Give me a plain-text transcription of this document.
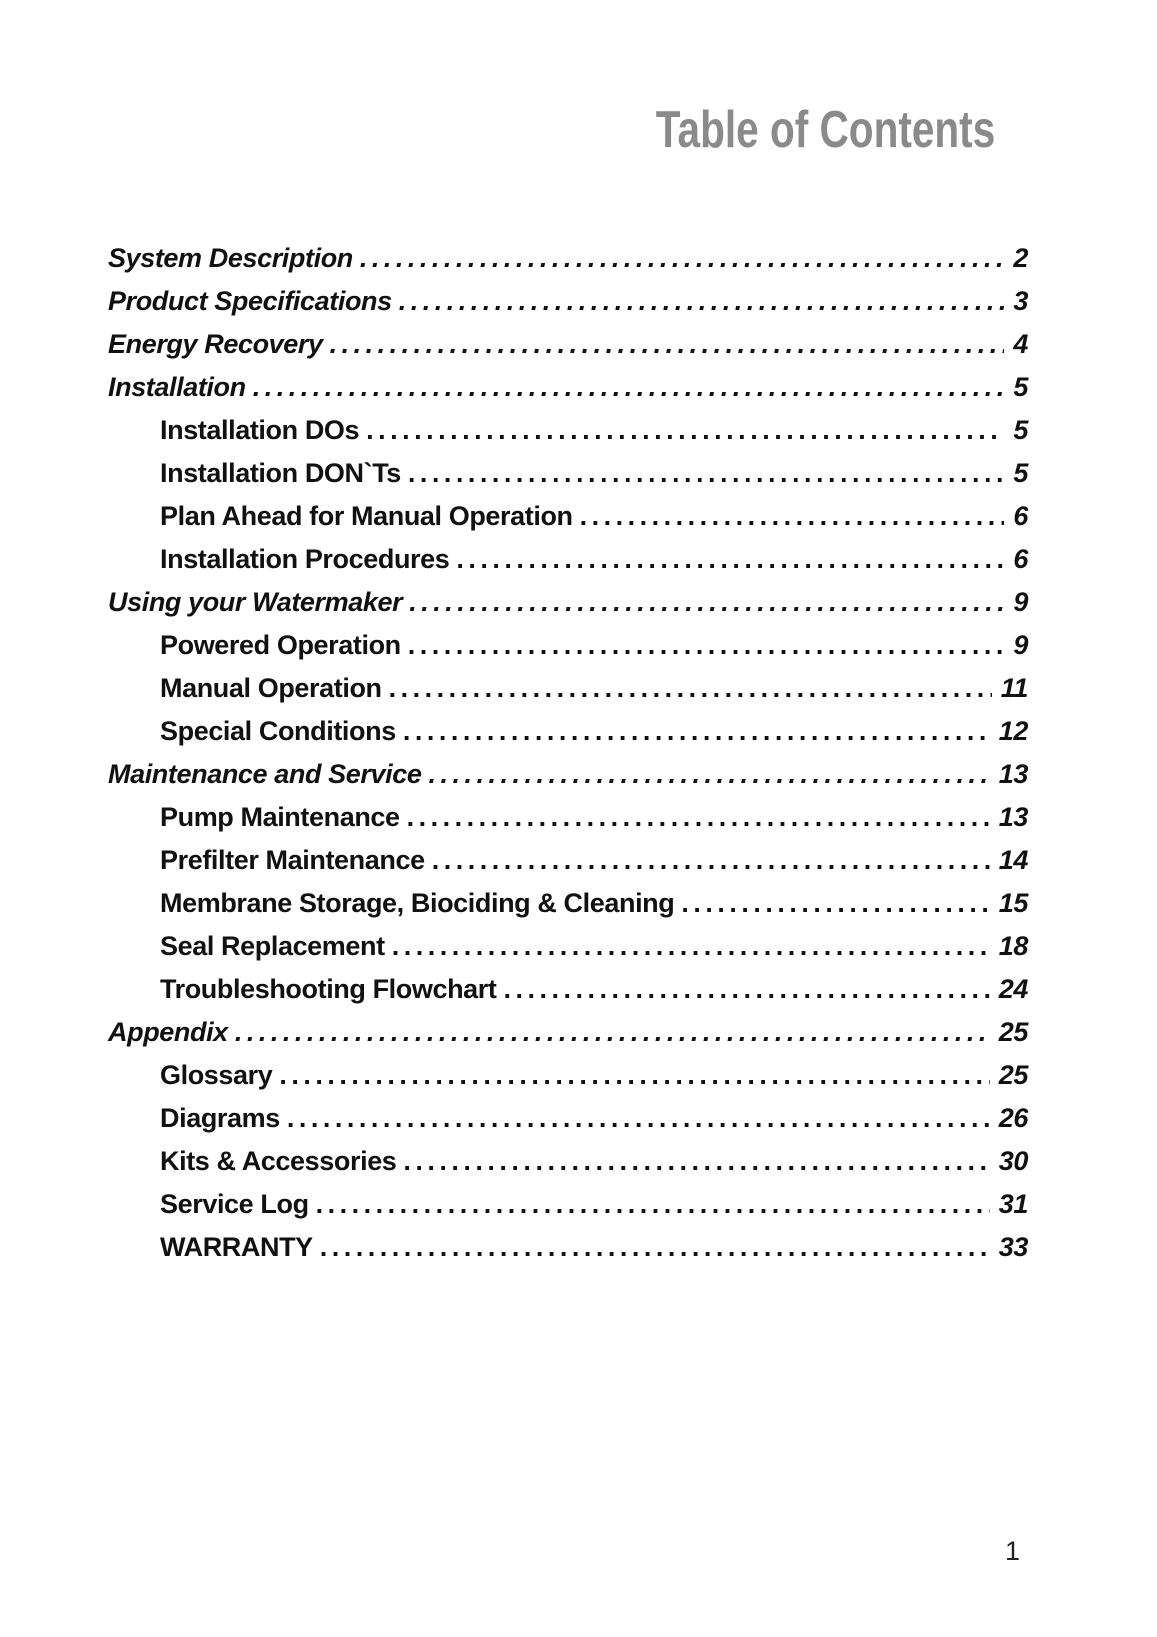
Table of Contents
System Description .....	2
Product Specifications .....	3
Energy Recovery .....	4
Installation .....	5
Installation DOs .....	5
Installation DON`Ts .....	5
Plan Ahead for Manual Operation .....	6
Installation Procedures .....	6
Using your Watermaker .....	9
Powered Operation .....	9
Manual Operation .....	11
Special Conditions .....	12
Maintenance and Service .....	13
Pump Maintenance .....	13
Prefilter Maintenance .....	14
Membrane Storage, Biociding & Cleaning .....	15
Seal Replacement .....	18
Troubleshooting Flowchart .....	24
Appendix .....	25
Glossary .....	25
Diagrams .....	26
Kits & Accessories .....	30
Service Log .....	31
WARRANTY .....	33
1
